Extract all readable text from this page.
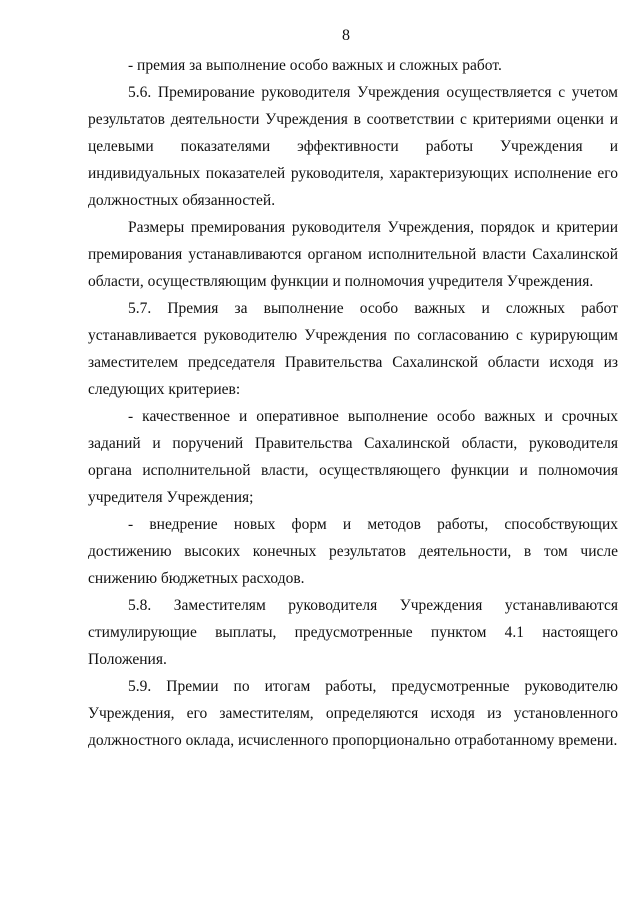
8

- премия за выполнение особо важных и сложных работ.

5.6. Премирование руководителя Учреждения осуществляется с учетом результатов деятельности Учреждения в соответствии с критериями оценки и целевыми показателями эффективности работы Учреждения и индивидуальных показателей руководителя, характеризующих исполнение его должностных обязанностей.

Размеры премирования руководителя Учреждения, порядок и критерии премирования устанавливаются органом исполнительной власти Сахалинской области, осуществляющим функции и полномочия учредителя Учреждения.

5.7. Премия за выполнение особо важных и сложных работ устанавливается руководителю Учреждения по согласованию с курирующим заместителем председателя Правительства Сахалинской области исходя из следующих критериев:

- качественное и оперативное выполнение особо важных и срочных заданий и поручений Правительства Сахалинской области, руководителя органа исполнительной власти, осуществляющего функции и полномочия учредителя Учреждения;

- внедрение новых форм и методов работы, способствующих достижению высоких конечных результатов деятельности, в том числе снижению бюджетных расходов.

5.8. Заместителям руководителя Учреждения устанавливаются стимулирующие выплаты, предусмотренные пунктом 4.1 настоящего Положения.

5.9. Премии по итогам работы, предусмотренные руководителю Учреждения, его заместителям, определяются исходя из установленного должностного оклада, исчисленного пропорционально отработанному времени.
